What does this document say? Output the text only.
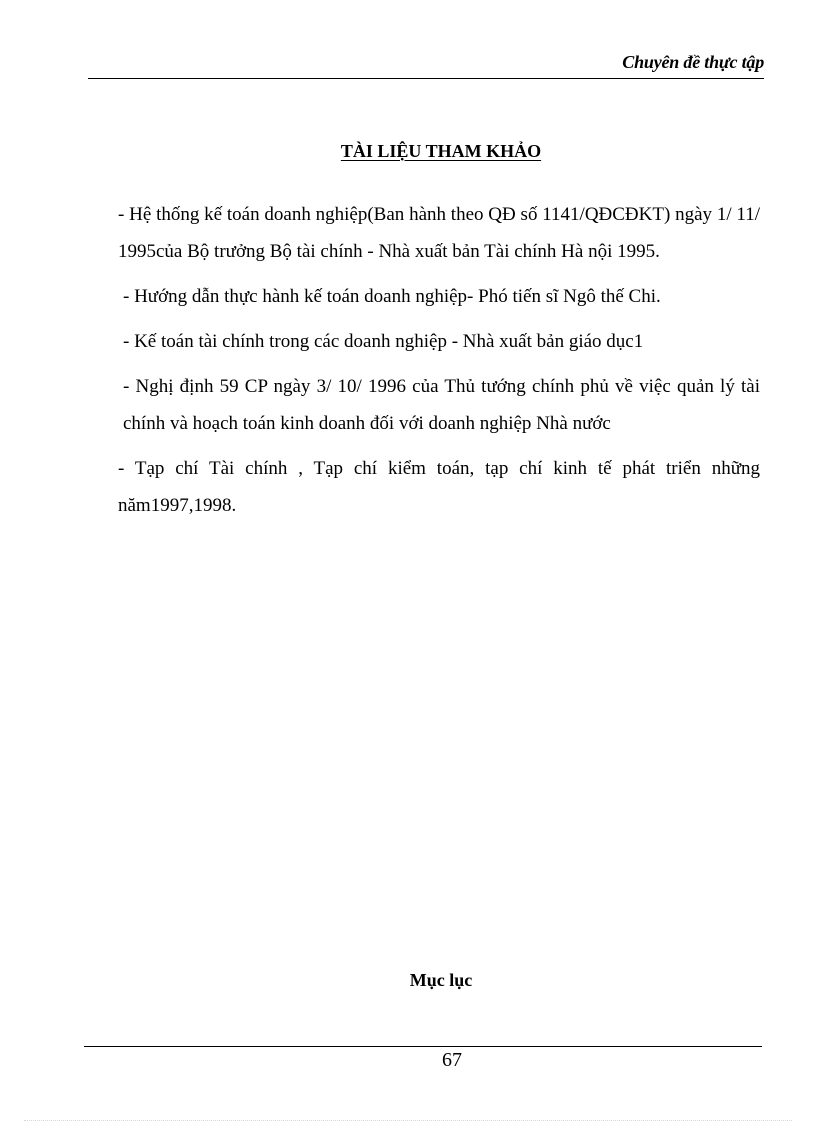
Chuyên đề thực tập
TÀI LIỆU THAM KHẢO
- Hệ thống kế toán doanh nghiệp(Ban hành theo QĐ số 1141/QĐCĐKT) ngày 1/ 11/ 1995của Bộ trưởng Bộ tài chính - Nhà xuất bản Tài chính Hà nội 1995.
- Hướng dẫn thực hành kế toán doanh nghiệp- Phó tiến sĩ Ngô thế Chi.
- Kế toán tài chính trong các doanh nghiệp - Nhà xuất bản giáo dục1
- Nghị định 59 CP ngày 3/ 10/ 1996 của Thủ tướng chính phủ về việc quản lý tài chính và hoạch toán kinh doanh đối với doanh nghiệp Nhà nước
- Tạp chí Tài chính , Tạp chí kiểm toán, tạp chí kinh tế phát triển những năm1997,1998.
Mục lục
67
